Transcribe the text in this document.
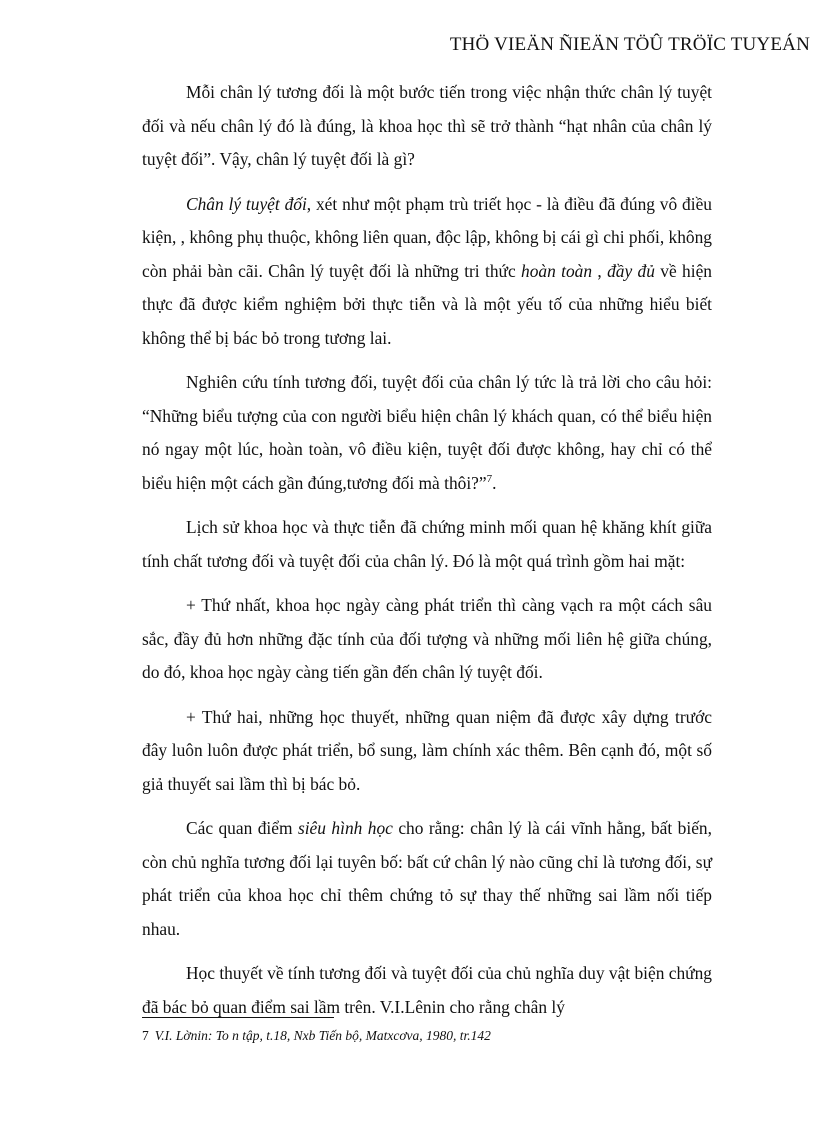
THÖ VIEÄN ÑIEÄN TÖÛ TRÖÏC TUYEÁN

Mỗi chân lý tương đối là một bước tiến trong việc nhận thức chân lý tuyệt đối và nếu chân lý đó là đúng, là khoa học thì sẽ trở thành “hạt nhân của chân lý tuyệt đối”. Vậy, chân lý tuyệt đối là gì?

Chân lý tuyệt đối, xét như một phạm trù triết học - là điều đã đúng vô điều kiện, , không phụ thuộc, không liên quan, độc lập, không bị cái gì chi phối, không còn phải bàn cãi. Chân lý tuyệt đối là những tri thức hoàn toàn , đầy đủ về hiện thực đã được kiểm nghiệm bởi thực tiễn và là một yếu tố của những hiểu biết không thể bị bác bỏ trong tương lai.

Nghiên cứu tính tương đối, tuyệt đối của chân lý tức là trả lời cho câu hỏi: “Những biểu tượng của con người biểu hiện chân lý khách quan, có thể biểu hiện nó ngay một lúc, hoàn toàn, vô điều kiện, tuyệt đối được không, hay chỉ có thể biểu hiện một cách gần đúng,tương đối mà thôi?”$^7$.

Lịch sử khoa học và thực tiễn đã chứng minh mối quan hệ khăng khít giữa tính chất tương đối và tuyệt đối của chân lý. Đó là một quá trình gồm hai mặt:

+ Thứ nhất, khoa học ngày càng phát triển thì càng vạch ra một cách sâu sắc, đầy đủ hơn những đặc tính của đối tượng và những mối liên hệ giữa chúng, do đó, khoa học ngày càng tiến gần đến chân lý tuyệt đối.

+ Thứ hai, những học thuyết, những quan niệm đã được xây dựng trước đây luôn luôn được phát triển, bổ sung, làm chính xác thêm. Bên cạnh đó, một số giả thuyết sai lầm thì bị bác bỏ.

Các quan điểm siêu hình học cho rằng: chân lý là cái vĩnh hằng, bất biến, còn chủ nghĩa tương đối lại tuyên bố: bất cứ chân lý nào cũng chỉ là tương đối, sự phát triển của khoa học chỉ thêm chứng tỏ sự thay thế những sai lầm nối tiếp nhau.

Học thuyết về tính tương đối và tuyệt đối của chủ nghĩa duy vật biện chứng đã bác bỏ quan điểm sai lầm trên. V.I.Lênin cho rằng chân lý

7 V.I. Lờnin: To n tập, t.18, Nxb Tiến bộ, Matxcơva, 1980, tr.142
